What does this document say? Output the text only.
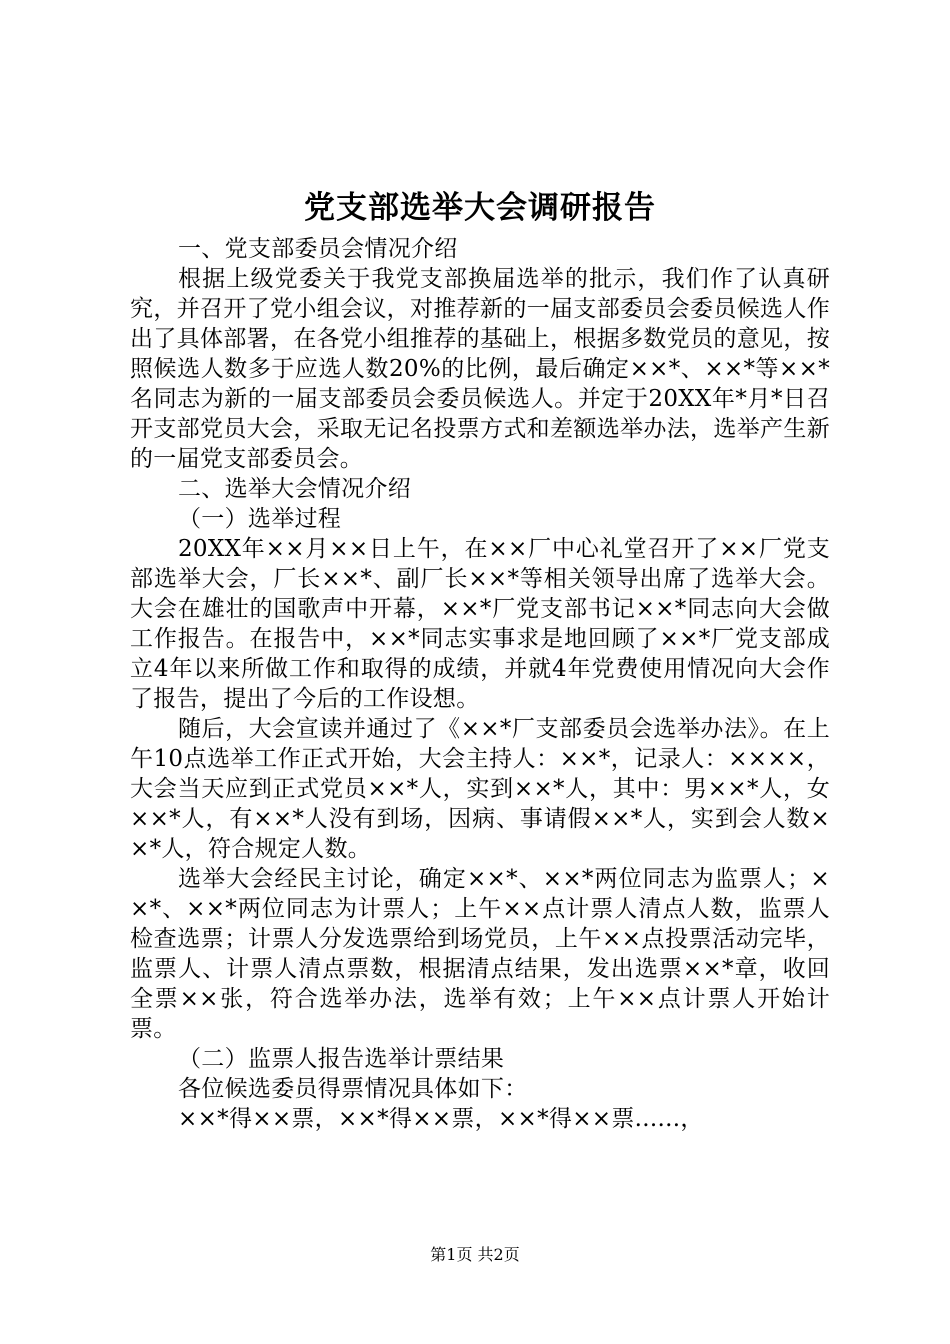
党支部选举大会调研报告

一、党支部委员会情况介绍

根据上级党委关于我党支部换届选举的批示，我们作了认真研究，并召开了党小组会议，对推荐新的一届支部委员会委员候选人作出了具体部署，在各党小组推荐的基础上，根据多数党员的意见，按照候选人数多于应选人数20%的比例，最后确定××*、××*等××*名同志为新的一届支部委员会委员候选人。并定于20XX年*月*日召开支部党员大会，采取无记名投票方式和差额选举办法，选举产生新的一届党支部委员会。

二、选举大会情况介绍

（一）选举过程

20XX年××月××日上午，在××厂中心礼堂召开了××厂党支部选举大会，厂长××*、副厂长××*等相关领导出席了选举大会。大会在雄壮的国歌声中开幕，××*厂党支部书记××*同志向大会做工作报告。在报告中，××*同志实事求是地回顾了××*厂党支部成立4年以来所做工作和取得的成绩，并就4年党费使用情况向大会作了报告，提出了今后的工作设想。

随后，大会宣读并通过了《××*厂支部委员会选举办法》。在上午10点选举工作正式开始，大会主持人：××*，记录人：××××，大会当天应到正式党员××*人，实到××*人，其中：男××*人，女××*人，有××*人没有到场，因病、事请假××*人，实到会人数××*人，符合规定人数。

选举大会经民主讨论，确定××*、××*两位同志为监票人；××*、××*两位同志为计票人；上午××点计票人清点人数，监票人检查选票；计票人分发选票给到场党员，上午××点投票活动完毕，监票人、计票人清点票数，根据清点结果，发出选票××*章，收回全票××张，符合选举办法，选举有效；上午××点计票人开始计票。

（二）监票人报告选举计票结果

各位候选委员得票情况具体如下：

××*得××票，××*得××票，××*得××票......，

第1页 共2页
